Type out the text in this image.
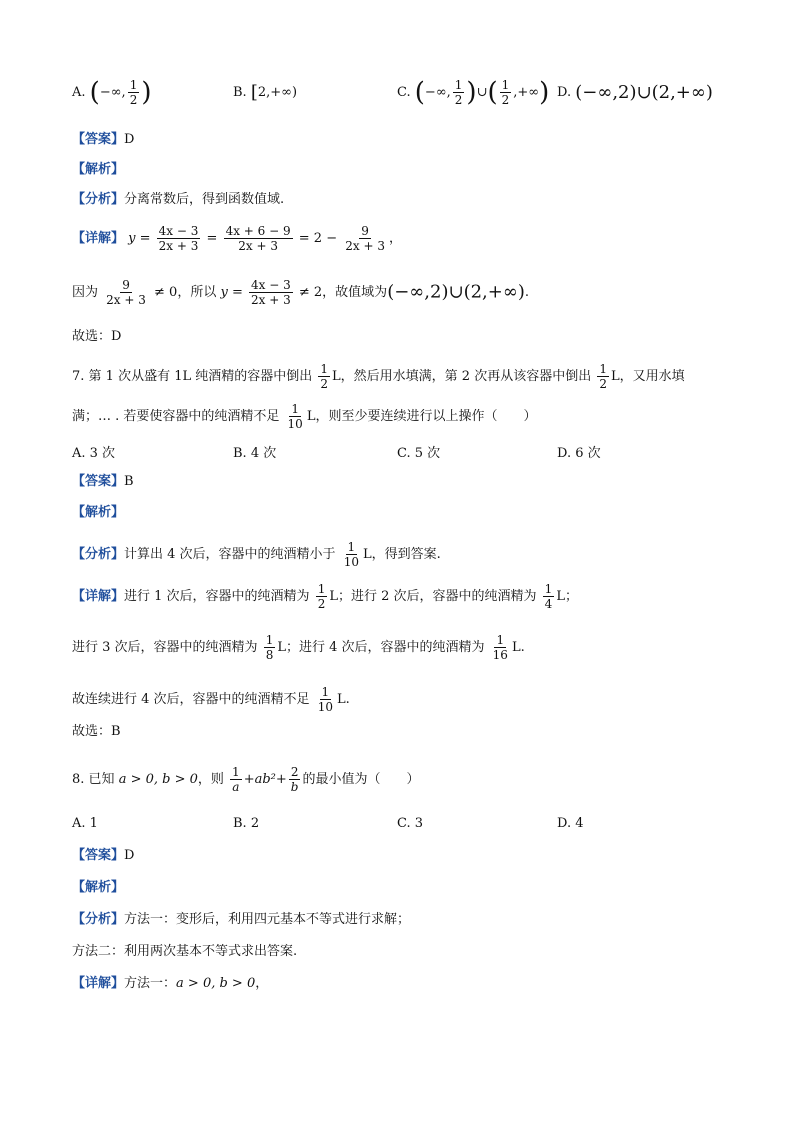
A. (−∞, $\frac{1}{2}$ )	B. [2,+∞)	C. (−∞, $\frac{1}{2}$ )∪( $\frac{1}{2}$ ,+∞) D. (−∞,2)∪(2,+∞)
【答案】D
【解析】
【分析】分离常数后，得到函数值域.
【详解】 $y = \frac{4x - 3}{2x + 3} = \frac{4x + 6 - 9}{2x + 3} = 2 - \frac{9}{2x + 3}$ ，
因为 $\frac{9}{2x + 3} \ne 0$，所以 $y = \frac{4x - 3}{2x + 3} \ne 2$，故值域为(−∞,2)∪(2,+∞).
故选：D
7. 第 1 次从盛有 1L 纯酒精的容器中倒出 $\frac{1}{2}$ L，然后用水填满，第 2 次再从该容器中倒出 $\frac{1}{2}$ L，又用水填
满；… . 若要使容器中的纯酒精不足 $\frac{1}{10}$ L，则至少要连续进行以上操作（　　）
A. 3 次	B. 4 次	C. 5 次	D. 6 次
【答案】B
【解析】
【分析】计算出 4 次后，容器中的纯酒精小于 $\frac{1}{10}$ L，得到答案.
【详解】进行 1 次后，容器中的纯酒精为 $\frac{1}{2}$ L；进行 2 次后，容器中的纯酒精为 $\frac{1}{4}$ L；
进行 3 次后，容器中的纯酒精为 $\frac{1}{8}$ L；进行 4 次后，容器中的纯酒精为 $\frac{1}{16} L$.
故连续进行 4 次后，容器中的纯酒精不足 $\frac{1}{10} L$.
故选：B
8. 已知 a > 0, b > 0，则 $\frac{1}{a} +ab^2+ \frac{2}{b}$ 的最小值为（　　）
A. 1	B. 2	C. 3	D. 4
【答案】D
【解析】
【分析】方法一：变形后，利用四元基本不等式进行求解；
方法二：利用两次基本不等式求出答案.
【详解】方法一：a > 0, b > 0，
